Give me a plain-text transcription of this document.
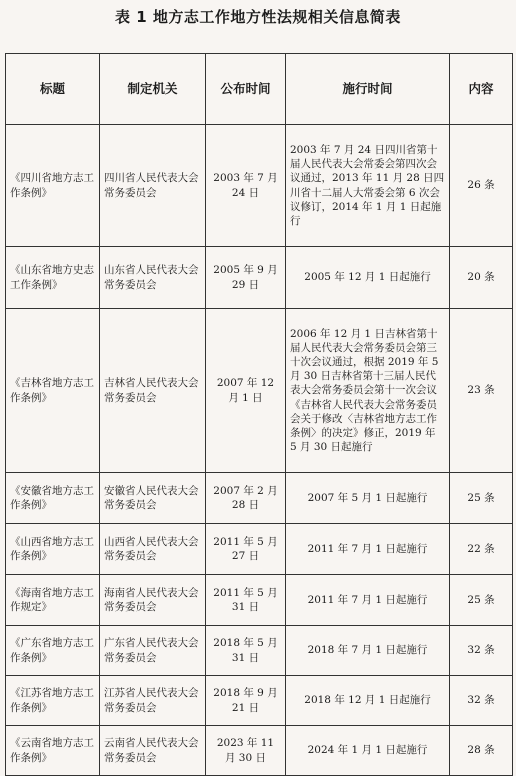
表 1 地方志工作地方性法规相关信息简表
标题	制定机关	公布时间	施行时间	内容
《四川省地方志工作条例》	四川省人民代表大会常务委员会	2003 年 7 月 24 日	2003 年 7 月 24 日四川省第十届人民代表大会常委会第四次会议通过，2013 年 11 月 28 日四川省十二届人大常委会第 6 次会议修订，2014 年 1 月 1 日起施行	26 条
《山东省地方史志工作条例》	山东省人民代表大会常务委员会	2005 年 9 月 29 日	2005 年 12 月 1 日起施行	20 条
《吉林省地方志工作条例》	吉林省人民代表大会常务委员会	2007 年 12 月 1 日	2006 年 12 月 1 日吉林省第十届人民代表大会常务委员会第三十次会议通过，根据 2019 年 5 月 30 日吉林省第十三届人民代表大会常务委员会第十一次会议《吉林省人民代表大会常务委员会关于修改〈吉林省地方志工作条例〉的决定》修正，2019 年 5 月 30 日起施行	23 条
《安徽省地方志工作条例》	安徽省人民代表大会常务委员会	2007 年 2 月 28 日	2007 年 5 月 1 日起施行	25 条
《山西省地方志工作条例》	山西省人民代表大会常务委员会	2011 年 5 月 27 日	2011 年 7 月 1 日起施行	22 条
《海南省地方志工作规定》	海南省人民代表大会常务委员会	2011 年 5 月 31 日	2011 年 7 月 1 日起施行	25 条
《广东省地方志工作条例》	广东省人民代表大会常务委员会	2018 年 5 月 31 日	2018 年 7 月 1 日起施行	32 条
《江苏省地方志工作条例》	江苏省人民代表大会常务委员会	2018 年 9 月 21 日	2018 年 12 月 1 日起施行	32 条
《云南省地方志工作条例》	云南省人民代表大会常务委员会	2023 年 11 月 30 日	2024 年 1 月 1 日起施行	28 条
